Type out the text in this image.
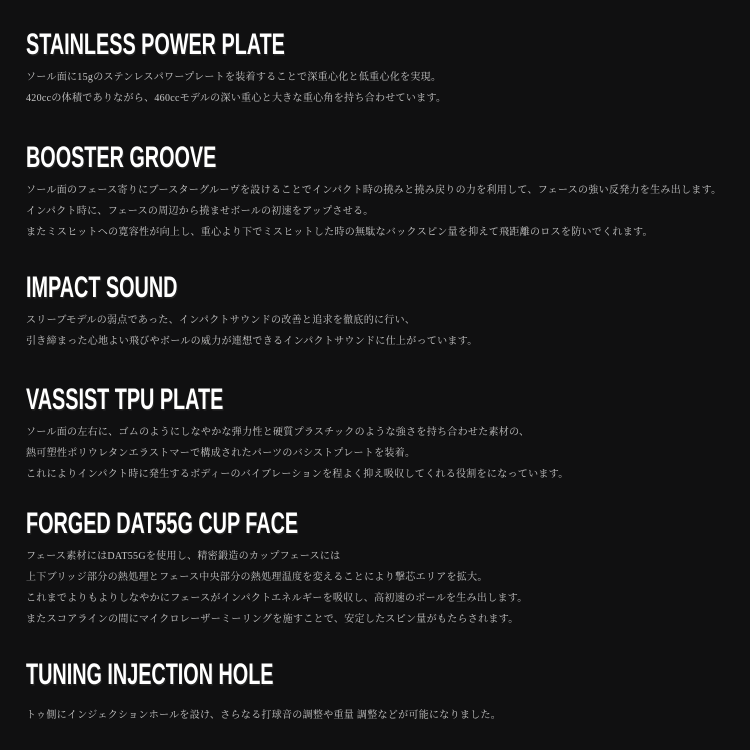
STAINLESS POWER PLATE

ソール面に15gのステンレスパワープレートを装着することで深重心化と低重心化を実現。

420ccの体積でありながら、460ccモデルの深い重心と大きな重心角を持ち合わせています。

BOOSTER GROOVE

ソール面のフェース寄りにブースターグルーヴを設けることでインパクト時の撓みと撓み戻りの力を利用して、フェースの強い反発力を生み出します。

インパクト時に、フェースの周辺から撓ませボールの初速をアップさせる。

またミスヒットへの寛容性が向上し、重心より下でミスヒットした時の無駄なバックスピン量を抑えて飛距離のロスを防いでくれます。

IMPACT SOUND

スリーブモデルの弱点であった、インパクトサウンドの改善と追求を徹底的に行い、

引き締まった心地よい飛びやボールの威力が連想できるインパクトサウンドに仕上がっています。

VASSIST TPU PLATE

ソール面の左右に、ゴムのようにしなやかな弾力性と硬質プラスチックのような強さを持ち合わせた素材の、

熱可塑性ポリウレタンエラストマーで構成されたパーツのバシストプレートを装着。

これによりインパクト時に発生するボディーのバイブレーションを程よく抑え吸収してくれる役割をになっています。

FORGED DAT55G CUP FACE

フェース素材にはDAT55Gを使用し、精密鍛造のカップフェースには

上下ブリッジ部分の熱処理とフェース中央部分の熱処理温度を変えることにより撃芯エリアを拡大。

これまでよりもよりしなやかにフェースがインパクトエネルギーを吸収し、高初速のボールを生み出します。

またスコアラインの間にマイクロレーザーミーリングを施すことで、安定したスピン量がもたらされます。

TUNING INJECTION HOLE

トゥ側にインジェクションホールを設け、さらなる打球音の調整や重量 調整などが可能になりました。
